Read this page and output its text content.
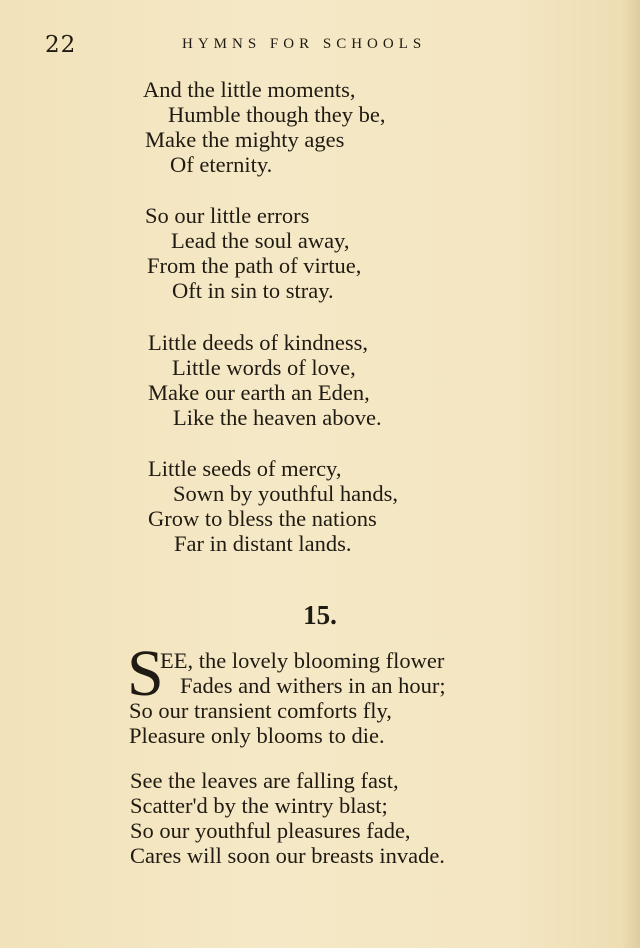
22	HYMNS FOR SCHOOLS
And the little moments,
Humble though they be,
Make the mighty ages
Of eternity.
So our little errors
Lead the soul away,
From the path of virtue,
Oft in sin to stray.
Little deeds of kindness,
Little words of love,
Make our earth an Eden,
Like the heaven above.
Little seeds of mercy,
Sown by youthful hands,
Grow to bless the nations
Far in distant lands.
15.
S
EE, the lovely blooming flower
Fades and withers in an hour;
So our transient comforts fly,
Pleasure only blooms to die.
See the leaves are falling fast,
Scatter'd by the wintry blast;
So our youthful pleasures fade,
Cares will soon our breasts invade.
